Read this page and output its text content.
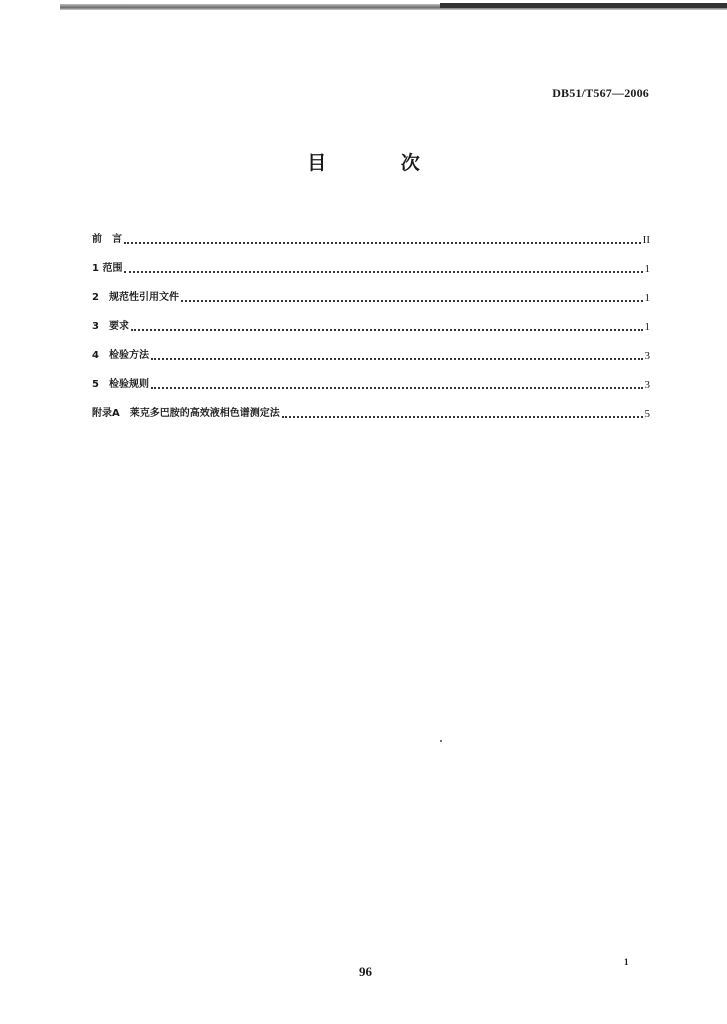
DB51/T567—2006
目 次
前　言	II
1 范围	1
2　规范性引用文件	1
3　要求	1
4　检验方法	3
5　检验规则	3
附录A　莱克多巴胺的高效液相色谱测定法	5
96
1
